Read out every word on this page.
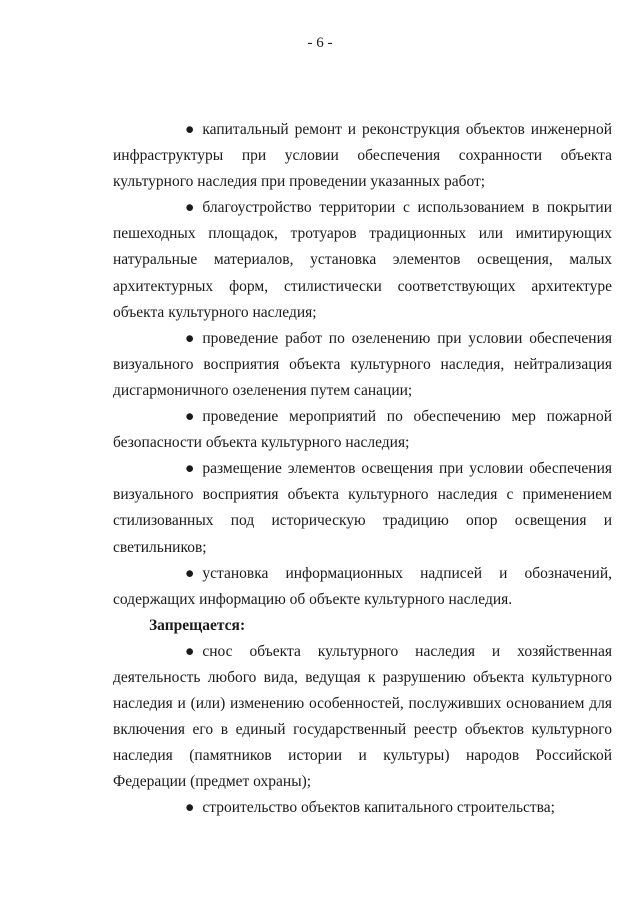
- 6 -

● капитальный ремонт и реконструкция объектов инженерной инфраструктуры при условии обеспечения сохранности объекта культурного наследия при проведении указанных работ;

● благоустройство территории с использованием в покрытии пешеходных площадок, тротуаров традиционных или имитирующих натуральные материалов, установка элементов освещения, малых архитектурных форм, стилистически соответствующих архитектуре объекта культурного наследия;

● проведение работ по озеленению при условии обеспечения визуального восприятия объекта культурного наследия, нейтрализация дисгармоничного озеленения путем санации;

● проведение мероприятий по обеспечению мер пожарной безопасности объекта культурного наследия;

● размещение элементов освещения при условии обеспечения визуального восприятия объекта культурного наследия с применением стилизованных под историческую традицию опор освещения и светильников;

● установка информационных надписей и обозначений, содержащих информацию об объекте культурного наследия.

Запрещается:

● снос объекта культурного наследия и хозяйственная деятельность любого вида, ведущая к разрушению объекта культурного наследия и (или) изменению особенностей, послуживших основанием для включения его в единый государственный реестр объектов культурного наследия (памятников истории и культуры) народов Российской Федерации (предмет охраны);

● строительство объектов капитального строительства;
